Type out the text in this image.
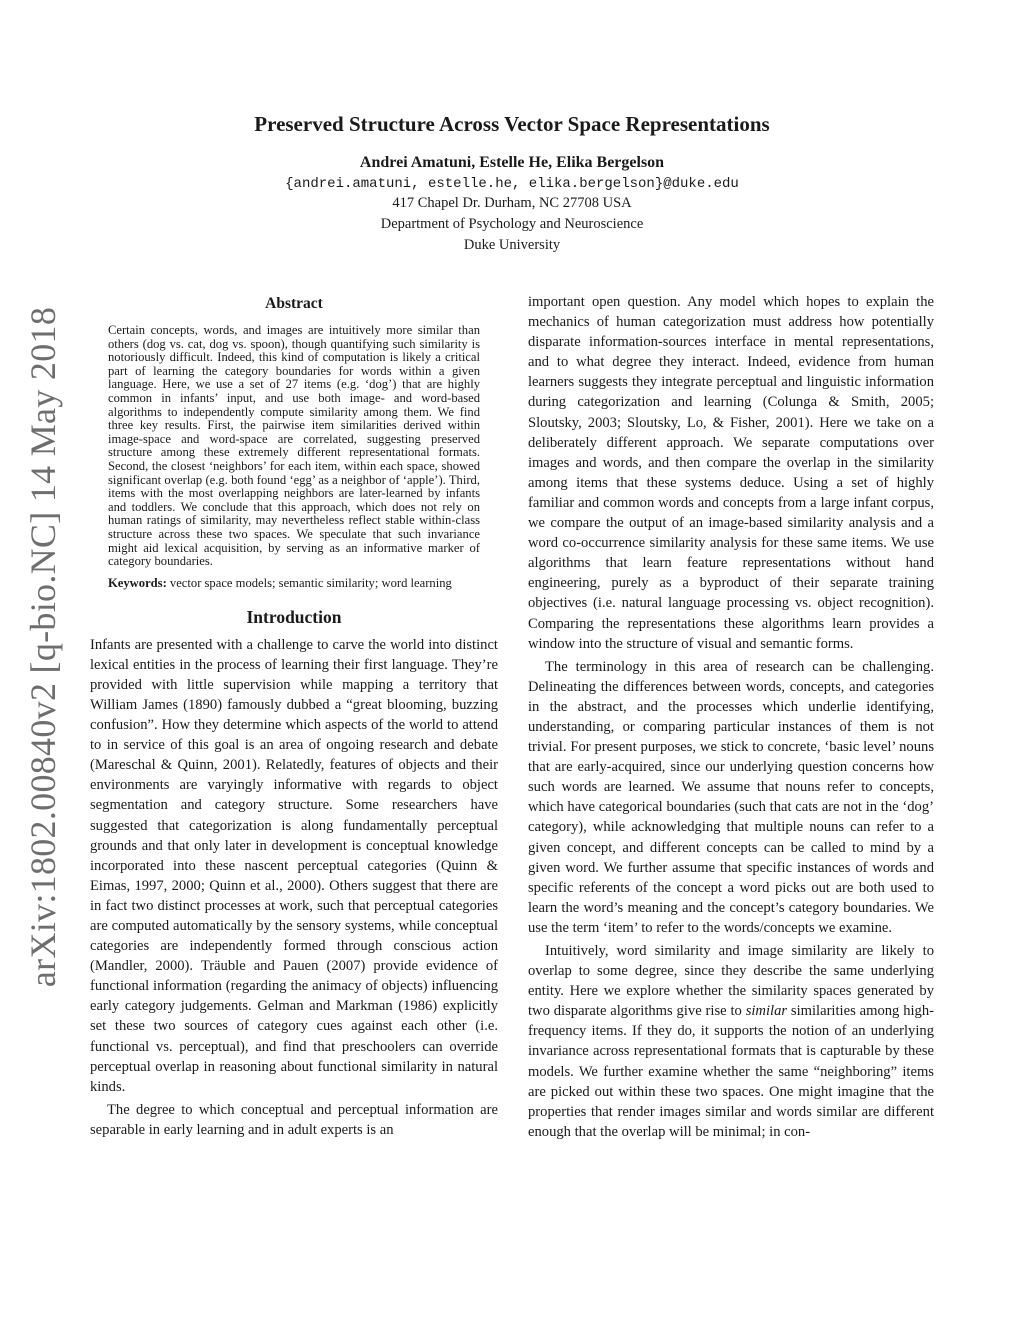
arXiv:1802.00840v2 [q-bio.NC] 14 May 2018
Preserved Structure Across Vector Space Representations
Andrei Amatuni, Estelle He, Elika Bergelson
{andrei.amatuni, estelle.he, elika.bergelson}@duke.edu
417 Chapel Dr. Durham, NC 27708 USA
Department of Psychology and Neuroscience
Duke University
Abstract

Certain concepts, words, and images are intuitively more similar than others (dog vs. cat, dog vs. spoon), though quantifying such similarity is notoriously difficult. Indeed, this kind of computation is likely a critical part of learning the category boundaries for words within a given language. Here, we use a set of 27 items (e.g. ‘dog’) that are highly common in infants’ input, and use both image- and word-based algorithms to independently compute similarity among them. We find three key results. First, the pairwise item similarities derived within image-space and word-space are correlated, suggesting preserved structure among these extremely different representational formats. Second, the closest ‘neighbors’ for each item, within each space, showed significant overlap (e.g. both found ‘egg’ as a neighbor of ‘apple’). Third, items with the most overlapping neighbors are later-learned by infants and toddlers. We conclude that this approach, which does not rely on human ratings of similarity, may nevertheless reflect stable within-class structure across these two spaces. We speculate that such invariance might aid lexical acquisition, by serving as an informative marker of category boundaries.

Keywords: vector space models; semantic similarity; word learning
Introduction

Infants are presented with a challenge to carve the world into distinct lexical entities in the process of learning their first language. They’re provided with little supervision while mapping a territory that William James (1890) famously dubbed a “great blooming, buzzing confusion”. How they determine which aspects of the world to attend to in service of this goal is an area of ongoing research and debate (Mareschal & Quinn, 2001). Relatedly, features of objects and their environments are varyingly informative with regards to object segmentation and category structure. Some researchers have suggested that categorization is along fundamentally perceptual grounds and that only later in development is conceptual knowledge incorporated into these nascent perceptual categories (Quinn & Eimas, 1997, 2000; Quinn et al., 2000). Others suggest that there are in fact two distinct processes at work, such that perceptual categories are computed automatically by the sensory systems, while conceptual categories are independently formed through conscious action (Mandler, 2000). Träuble and Pauen (2007) provide evidence of functional information (regarding the animacy of objects) influencing early category judgements. Gelman and Markman (1986) explicitly set these two sources of category cues against each other (i.e. functional vs. perceptual), and find that preschoolers can override perceptual overlap in reasoning about functional similarity in natural kinds.

The degree to which conceptual and perceptual information are separable in early learning and in adult experts is an

important open question. Any model which hopes to explain the mechanics of human categorization must address how potentially disparate information-sources interface in mental representations, and to what degree they interact. Indeed, evidence from human learners suggests they integrate perceptual and linguistic information during categorization and learning (Colunga & Smith, 2005; Sloutsky, 2003; Sloutsky, Lo, & Fisher, 2001). Here we take on a deliberately different approach. We separate computations over images and words, and then compare the overlap in the similarity among items that these systems deduce. Using a set of highly familiar and common words and concepts from a large infant corpus, we compare the output of an image-based similarity analysis and a word co-occurrence similarity analysis for these same items. We use algorithms that learn feature representations without hand engineering, purely as a byproduct of their separate training objectives (i.e. natural language processing vs. object recognition). Comparing the representations these algorithms learn provides a window into the structure of visual and semantic forms.

The terminology in this area of research can be challenging. Delineating the differences between words, concepts, and categories in the abstract, and the processes which underlie identifying, understanding, or comparing particular instances of them is not trivial. For present purposes, we stick to concrete, ‘basic level’ nouns that are early-acquired, since our underlying question concerns how such words are learned. We assume that nouns refer to concepts, which have categorical boundaries (such that cats are not in the ‘dog’ category), while acknowledging that multiple nouns can refer to a given concept, and different concepts can be called to mind by a given word. We further assume that specific instances of words and specific referents of the concept a word picks out are both used to learn the word’s meaning and the concept’s category boundaries. We use the term ‘item’ to refer to the words/concepts we examine.

Intuitively, word similarity and image similarity are likely to overlap to some degree, since they describe the same underlying entity. Here we explore whether the similarity spaces generated by two disparate algorithms give rise to similar similarities among high-frequency items. If they do, it supports the notion of an underlying invariance across representational formats that is capturable by these models. We further examine whether the same “neighboring” items are picked out within these two spaces. One might imagine that the properties that render images similar and words similar are different enough that the overlap will be minimal; in con-
